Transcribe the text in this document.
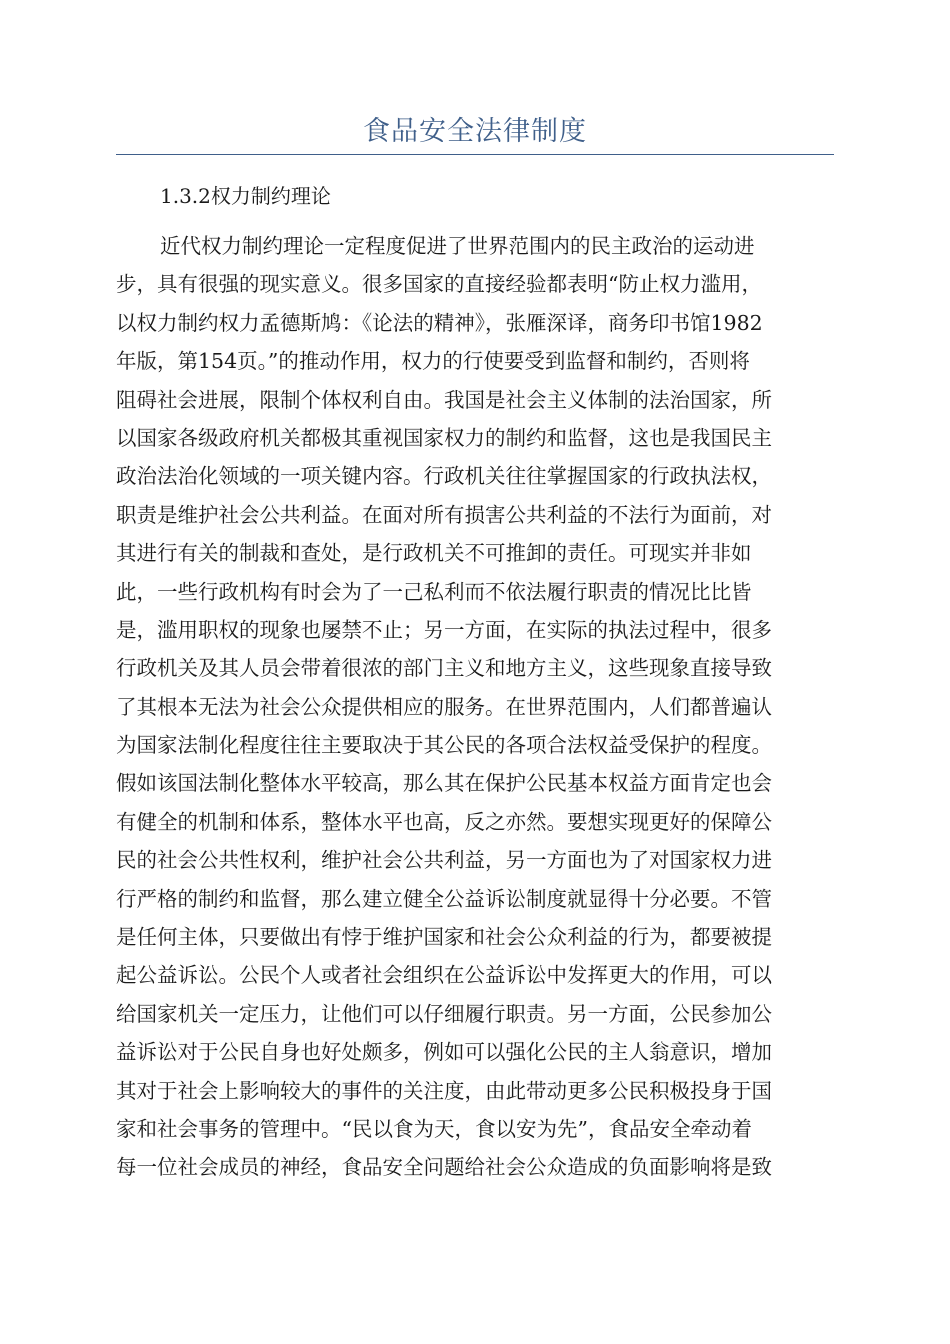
食品安全法律制度
1.3.2权力制约理论
近代权力制约理论一定程度促进了世界范围内的民主政治的运动进
步，具有很强的现实意义。很多国家的直接经验都表明“防止权力滥用，
以权力制约权力孟德斯鸠：《论法的精神》，张雁深译，商务印书馆1982
年版，第154页。”的推动作用，权力的行使要受到监督和制约，否则将
阻碍社会进展，限制个体权利自由。我国是社会主义体制的法治国家，所
以国家各级政府机关都极其重视国家权力的制约和监督，这也是我国民主
政治法治化领域的一项关键内容。行政机关往往掌握国家的行政执法权，
职责是维护社会公共利益。在面对所有损害公共利益的不法行为面前，对
其进行有关的制裁和查处，是行政机关不可推卸的责任。可现实并非如
此，一些行政机构有时会为了一己私利而不依法履行职责的情况比比皆
是，滥用职权的现象也屡禁不止；另一方面，在实际的执法过程中，很多
行政机关及其人员会带着很浓的部门主义和地方主义，这些现象直接导致
了其根本无法为社会公众提供相应的服务。在世界范围内，人们都普遍认
为国家法制化程度往往主要取决于其公民的各项合法权益受保护的程度。
假如该国法制化整体水平较高，那么其在保护公民基本权益方面肯定也会
有健全的机制和体系，整体水平也高，反之亦然。要想实现更好的保障公
民的社会公共性权利，维护社会公共利益，另一方面也为了对国家权力进
行严格的制约和监督，那么建立健全公益诉讼制度就显得十分必要。不管
是任何主体，只要做出有悖于维护国家和社会公众利益的行为，都要被提
起公益诉讼。公民个人或者社会组织在公益诉讼中发挥更大的作用，可以
给国家机关一定压力，让他们可以仔细履行职责。另一方面，公民参加公
益诉讼对于公民自身也好处颇多，例如可以强化公民的主人翁意识，增加
其对于社会上影响较大的事件的关注度，由此带动更多公民积极投身于国
家和社会事务的管理中。“民以食为天，食以安为先”，食品安全牵动着
每一位社会成员的神经，食品安全问题给社会公众造成的负面影响将是致
